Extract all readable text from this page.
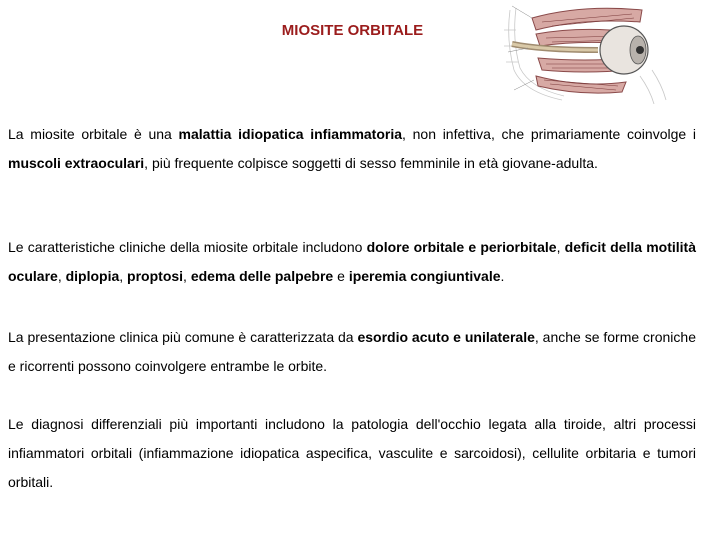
MIOSITE ORBITALE

La miosite orbitale è una malattia idiopatica infiammatoria, non infettiva, che primariamente coinvolge i muscoli extraoculari, più frequente colpisce soggetti di sesso femminile in età giovane-adulta.

Le caratteristiche cliniche della miosite orbitale includono dolore orbitale e periorbitale, deficit della motilità oculare, diplopia, proptosi, edema delle palpebre e iperemia congiuntivale.

La presentazione clinica più comune è caratterizzata da esordio acuto e unilaterale, anche se forme croniche e ricorrenti possono coinvolgere entrambe le orbite.

Le diagnosi differenziali più importanti includono la patologia dell'occhio legata alla tiroide, altri processi infiammatori orbitali (infiammazione idiopatica aspecifica, vasculite e sarcoidosi), cellulite orbitaria e tumori orbitali.
